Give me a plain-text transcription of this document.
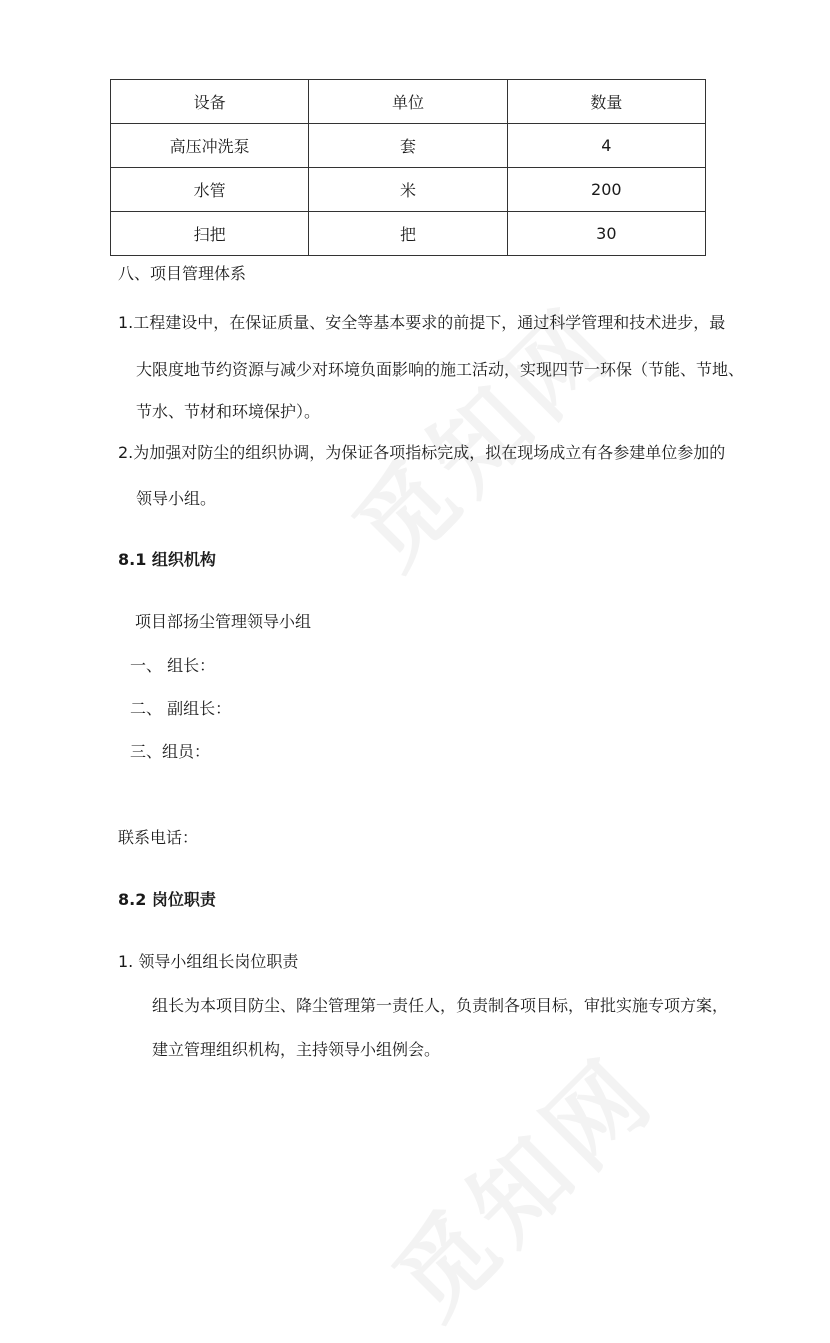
设备	单位	数量
高压冲洗泵	套	4
水管	米	200
扫把	把	30
八、项目管理体系
1.工程建设中，在保证质量、安全等基本要求的前提下，通过科学管理和技术进步，最
大限度地节约资源与减少对环境负面影响的施工活动，实现四节一环保（节能、节地、
节水、节材和环境保护）。
2.为加强对防尘的组织协调，为保证各项指标完成，拟在现场成立有各参建单位参加的
领导小组。
8.1 组织机构
项目部扬尘管理领导小组
一、 组长：
二、 副组长：
三、组员：
联系电话：
8.2 岗位职责
1. 领导小组组长岗位职责
组长为本项目防尘、降尘管理第一责任人，负责制各项目标，审批实施专项方案，
建立管理组织机构，主持领导小组例会。
